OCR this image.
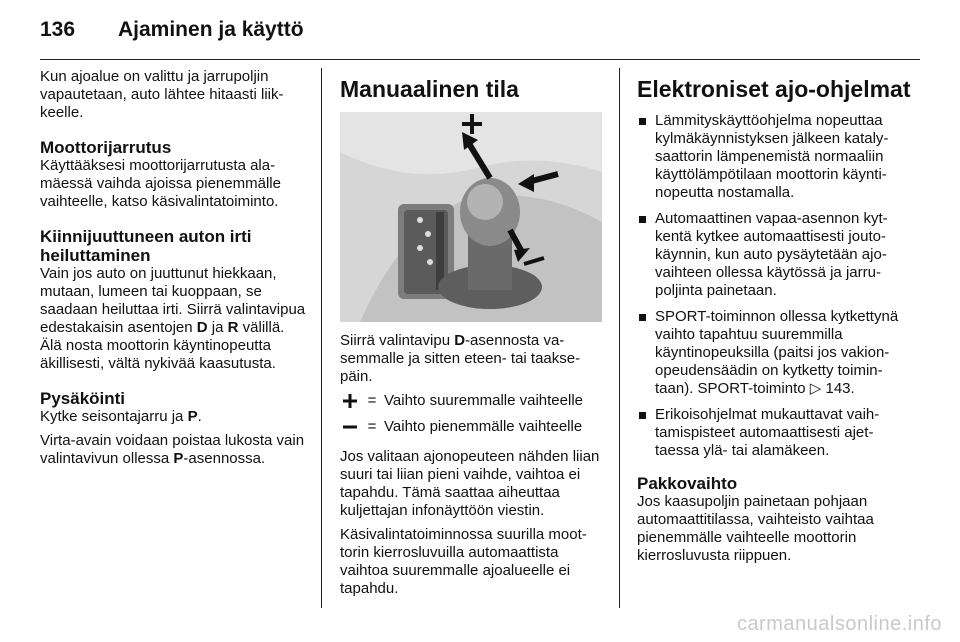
136 Ajaminen ja käyttö

Kun ajoalue on valittu ja jarrupoljin vapautetaan, auto lähtee hitaasti liikkeelle.

Moottorijarrutus

Käyttääksesi moottorijarrutusta alamäessä vaihda ajoissa pienemmälle vaihteelle, katso käsivalintatoiminto.

Kiinnijuuttuneen auton irti heiluttaminen

Vain jos auto on juuttunut hiekkaan, mutaan, lumeen tai kuoppaan, se saadaan heiluttaa irti. Siirrä valintavipua edestakaisin asentojen D ja R välillä. Älä nosta moottorin käyntinopeutta äkillisesti, vältä nykivää kaasutusta.

Pysäköinti

Kytke seisontajarru ja P.

Virta-avain voidaan poistaa lukosta vain valintavivun ollessa P-asennossa.

Manuaalinen tila

Siirrä valintavipu D-asennosta vasemmalle ja sitten eteen- tai taaksepäin.

= Vaihto suuremmalle vaihteelle
= Vaihto pienemmälle vaihteelle

Jos valitaan ajonopeuteen nähden liian suuri tai liian pieni vaihde, vaihtoa ei tapahdu. Tämä saattaa aiheuttaa kuljettajan infonäyttöön viestin.

Käsivalintatoiminnossa suurilla moottorin kierrosluvuilla automaattista vaihtoa suuremmalle ajoalueelle ei tapahdu.

Elektroniset ajo-ohjelmat
Lämmityskäyttöohjelma nopeuttaa kylmäkäynnistyksen jälkeen katalysaattorin lämpenemistä normaaliin käyttölämpötilaan moottorin käyntinopeutta nostamalla.
Automaattinen vapaa-asennon kytkentä kytkee automaattisesti joutokäynnin, kun auto pysäytetään ajovaihteen ollessa käytössä ja jarrupoljinta painetaan.
SPORT-toiminnon ollessa kytkettynä vaihto tapahtuu suuremmilla käyntinopeuksilla (paitsi jos vakionopeudensäädin on kytketty toimintaan). SPORT-toiminto ▷ 143.
Erikoisohjelmat mukauttavat vaihtamispisteet automaattisesti ajettaessa ylä- tai alamäkeen.
Pakkovaihto

Jos kaasupoljin painetaan pohjaan automaattitilassa, vaihteisto vaihtaa pienemmälle vaihteelle moottorin kierrosluvusta riippuen.

carmanualsonline.info
